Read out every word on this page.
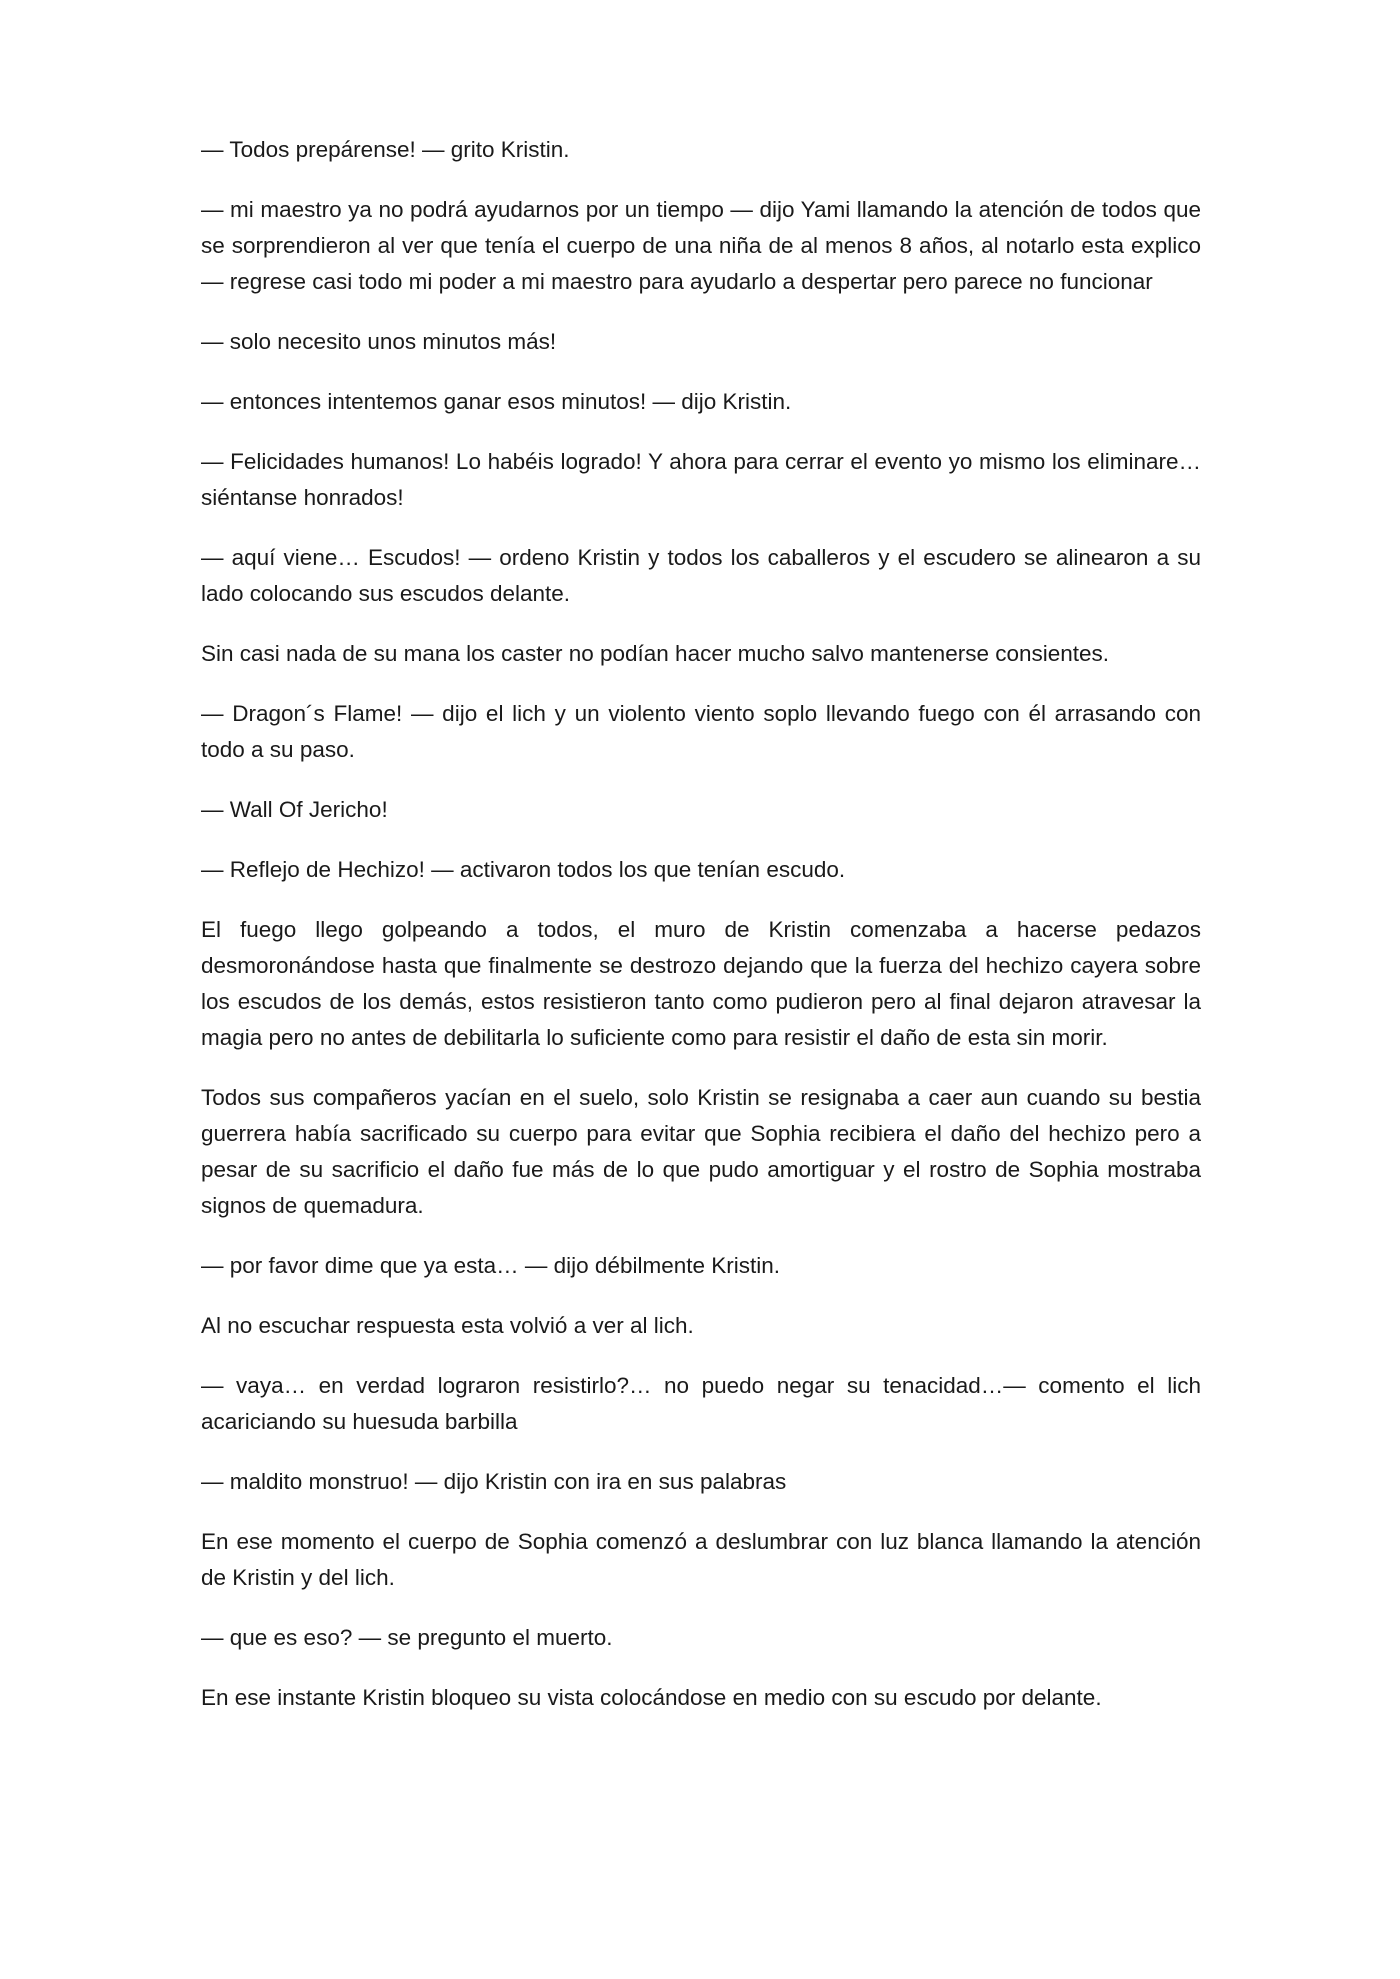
— Todos prepárense! — grito Kristin.

— mi maestro ya no podrá ayudarnos por un tiempo — dijo Yami llamando la atención de todos que se sorprendieron al ver que tenía el cuerpo de una niña de al menos 8 años, al notarlo esta explico — regrese casi todo mi poder a mi maestro para ayudarlo a despertar pero parece no funcionar

— solo necesito unos minutos más!

— entonces intentemos ganar esos minutos! — dijo Kristin.

— Felicidades humanos! Lo habéis logrado! Y ahora para cerrar el evento yo mismo los eliminare… siéntanse honrados!

— aquí viene… Escudos! — ordeno Kristin y todos los caballeros y el escudero se alinearon a su lado colocando sus escudos delante.

Sin casi nada de su mana los caster no podían hacer mucho salvo mantenerse consientes.

— Dragon´s Flame! — dijo el lich y un violento viento soplo llevando fuego con él arrasando con todo a su paso.

— Wall Of Jericho!

— Reflejo de Hechizo! — activaron todos los que tenían escudo.

El fuego llego golpeando a todos, el muro de Kristin comenzaba a hacerse pedazos desmoronándose hasta que finalmente se destrozo dejando que la fuerza del hechizo cayera sobre los escudos de los demás, estos resistieron tanto como pudieron pero al final dejaron atravesar la magia pero no antes de debilitarla lo suficiente como para resistir el daño de esta sin morir.

Todos sus compañeros yacían en el suelo, solo Kristin se resignaba a caer aun cuando su bestia guerrera había sacrificado su cuerpo para evitar que Sophia recibiera el daño del hechizo pero a pesar de su sacrificio el daño fue más de lo que pudo amortiguar y el rostro de Sophia mostraba signos de quemadura.

— por favor dime que ya esta… — dijo débilmente Kristin.

Al no escuchar respuesta esta volvió a ver al lich.

— vaya… en verdad lograron resistirlo?… no puedo negar su tenacidad…— comento el lich acariciando su huesuda barbilla

— maldito monstruo! — dijo Kristin con ira en sus palabras

En ese momento el cuerpo de Sophia comenzó a deslumbrar con luz blanca llamando la atención de Kristin y del lich.

— que es eso? — se pregunto el muerto.

En ese instante Kristin bloqueo su vista colocándose en medio con su escudo por delante.
